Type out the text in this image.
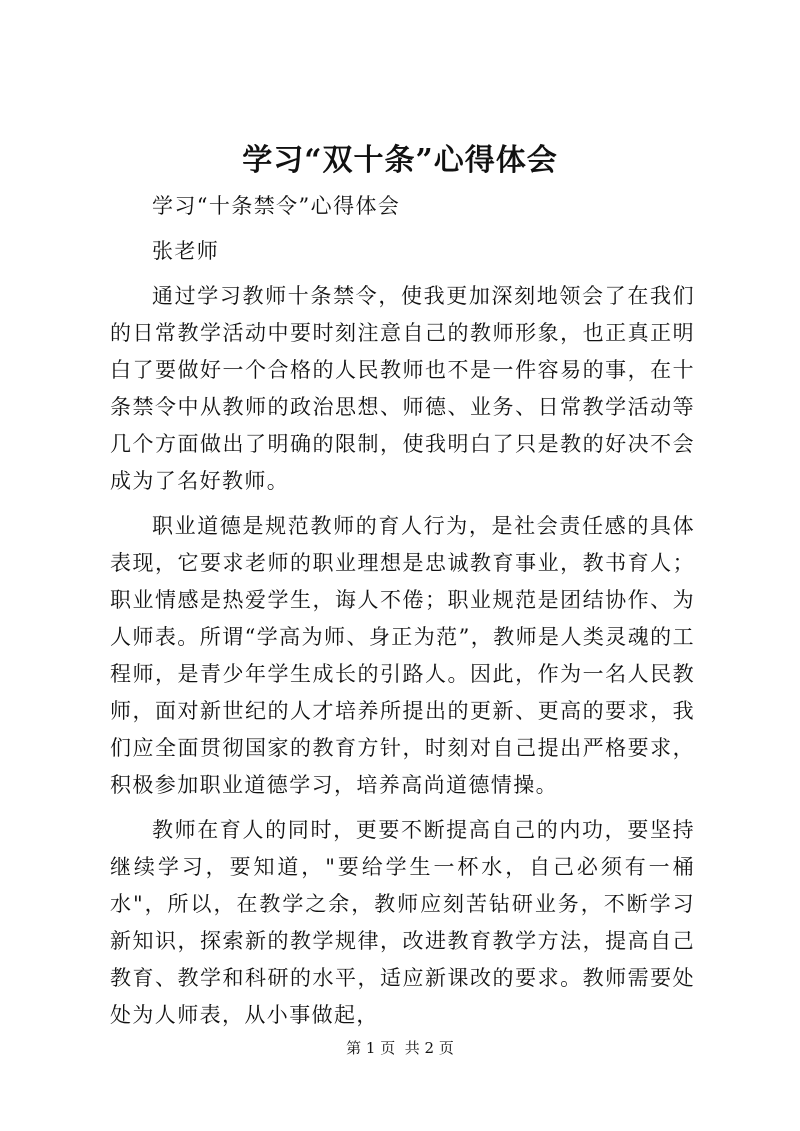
学习“双十条”心得体会

学习“十条禁令”心得体会

张老师

通过学习教师十条禁令，使我更加深刻地领会了在我们的日常教学活动中要时刻注意自己的教师形象，也正真正明白了要做好一个合格的人民教师也不是一件容易的事，在十条禁令中从教师的政治思想、师德、业务、日常教学活动等几个方面做出了明确的限制，使我明白了只是教的好决不会成为了名好教师。

职业道德是规范教师的育人行为，是社会责任感的具体表现，它要求老师的职业理想是忠诚教育事业，教书育人；职业情感是热爱学生，诲人不倦；职业规范是团结协作、为人师表。所谓“学高为师、身正为范”，教师是人类灵魂的工程师，是青少年学生成长的引路人。因此，作为一名人民教师，面对新世纪的人才培养所提出的更新、更高的要求，我们应全面贯彻国家的教育方针，时刻对自己提出严格要求，积极参加职业道德学习，培养高尚道德情操。

教师在育人的同时，更要不断提高自己的内功，要坚持继续学习，要知道，"要给学生一杯水，自己必须有一桶水"，所以，在教学之余，教师应刻苦钻研业务，不断学习新知识，探索新的教学规律，改进教育教学方法，提高自己教育、教学和科研的水平，适应新课改的要求。教师需要处处为人师表，从小事做起，

第 1 页  共 2 页
